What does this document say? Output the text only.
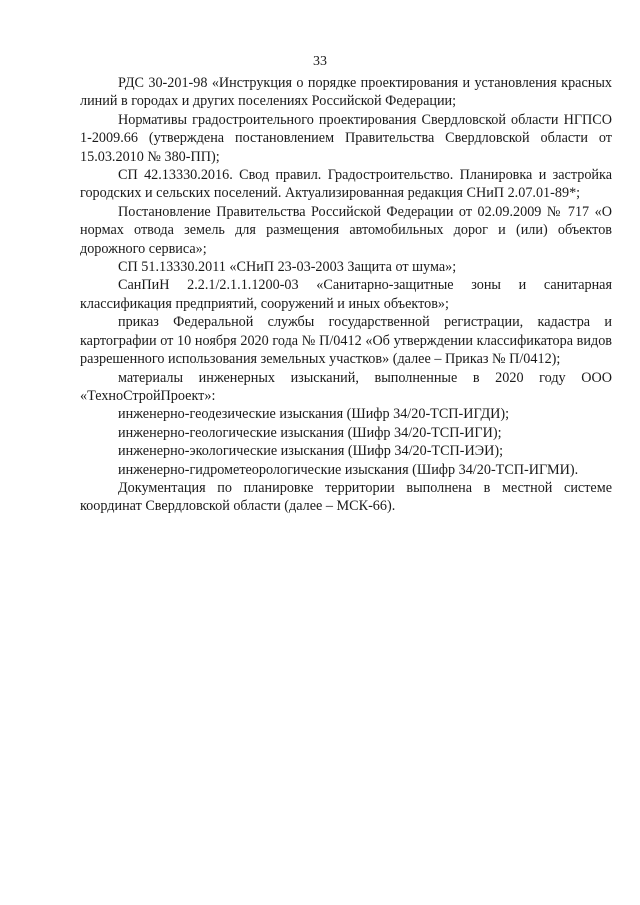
33

РДС 30-201-98 «Инструкция о порядке проектирования и установления красных линий в городах и других поселениях Российской Федерации;

Нормативы градостроительного проектирования Свердловской области НГПСО 1-2009.66 (утверждена постановлением Правительства Свердловской области от 15.03.2010 № 380-ПП);

СП 42.13330.2016. Свод правил. Градостроительство. Планировка и застройка городских и сельских поселений. Актуализированная редакция СНиП 2.07.01-89*;

Постановление Правительства Российской Федерации от 02.09.2009 № 717 «О нормах отвода земель для размещения автомобильных дорог и (или) объектов дорожного сервиса»;

СП 51.13330.2011 «СНиП 23-03-2003 Защита от шума»;

СанПиН 2.2.1/2.1.1.1200-03 «Санитарно-защитные зоны и санитарная классификация предприятий, сооружений и иных объектов»;

приказ Федеральной службы государственной регистрации, кадастра и картографии от 10 ноября 2020 года № П/0412 «Об утверждении классификатора видов разрешенного использования земельных участков» (далее – Приказ № П/0412);

материалы инженерных изысканий, выполненные в 2020 году ООО «ТехноСтройПроект»:

инженерно-геодезические изыскания (Шифр 34/20-ТСП-ИГДИ);

инженерно-геологические изыскания (Шифр 34/20-ТСП-ИГИ);

инженерно-экологические изыскания (Шифр 34/20-ТСП-ИЭИ);

инженерно-гидрометеорологические изыскания (Шифр 34/20-ТСП-ИГМИ).

Документация по планировке территории выполнена в местной системе координат Свердловской области (далее – МСК-66).
